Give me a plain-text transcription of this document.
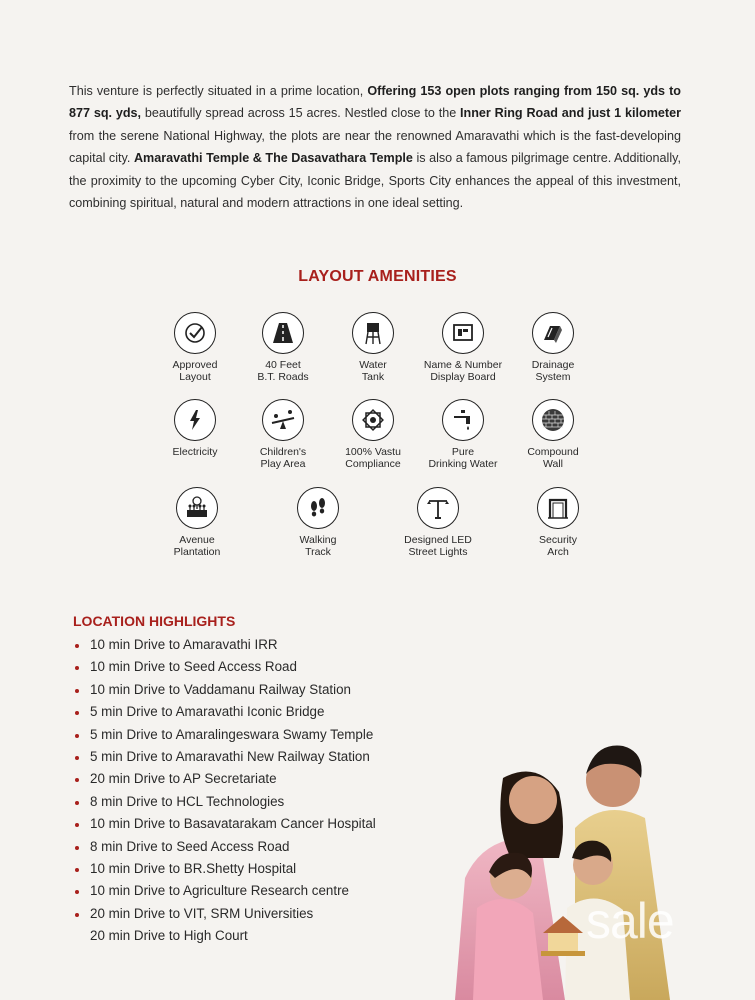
This venture is perfectly situated in a prime location, Offering 153 open plots ranging from 150 sq. yds to 877 sq. yds, beautifully spread across 15 acres. Nestled close to the Inner Ring Road and just 1 kilometer from the serene National Highway, the plots are near the renowned Amaravathi which is the fast-developing capital city. Amaravathi Temple & The Dasavathara Temple is also a famous pilgrimage centre. Additionally, the proximity to the upcoming Cyber City, Iconic Bridge, Sports City enhances the appeal of this investment, combining spiritual, natural and modern attractions in one ideal setting.
LAYOUT AMENITIES
Approved
Layout
40 Feet
B.T. Roads
Water
Tank
Name & Number
Display Board
Drainage
System
Electricity	Children's
Play Area
100% Vastu
Compliance
Pure
Drinking Water
Compound
Wall
Avenue
Plantation
Walking
Track
Designed LED
Street Lights
Security
Arch
LOCATION HIGHLIGHTS
10 min Drive to Amaravathi IRR
10 min Drive to Seed Access Road
10 min Drive to Vaddamanu Railway Station
5 min Drive to Amaravathi Iconic Bridge
5 min Drive to Amaralingeswara Swamy Temple
5 min Drive to Amaravathi New Railway Station
20 min Drive to AP Secretariate
8 min Drive to HCL Technologies
10 min Drive to Basavatarakam Cancer Hospital
8 min Drive to Seed Access Road
10 min Drive to BR.Shetty Hospital
10 min Drive to Agriculture Research centre
20 min Drive to VIT, SRM Universities
20 min Drive to High Court	sale
